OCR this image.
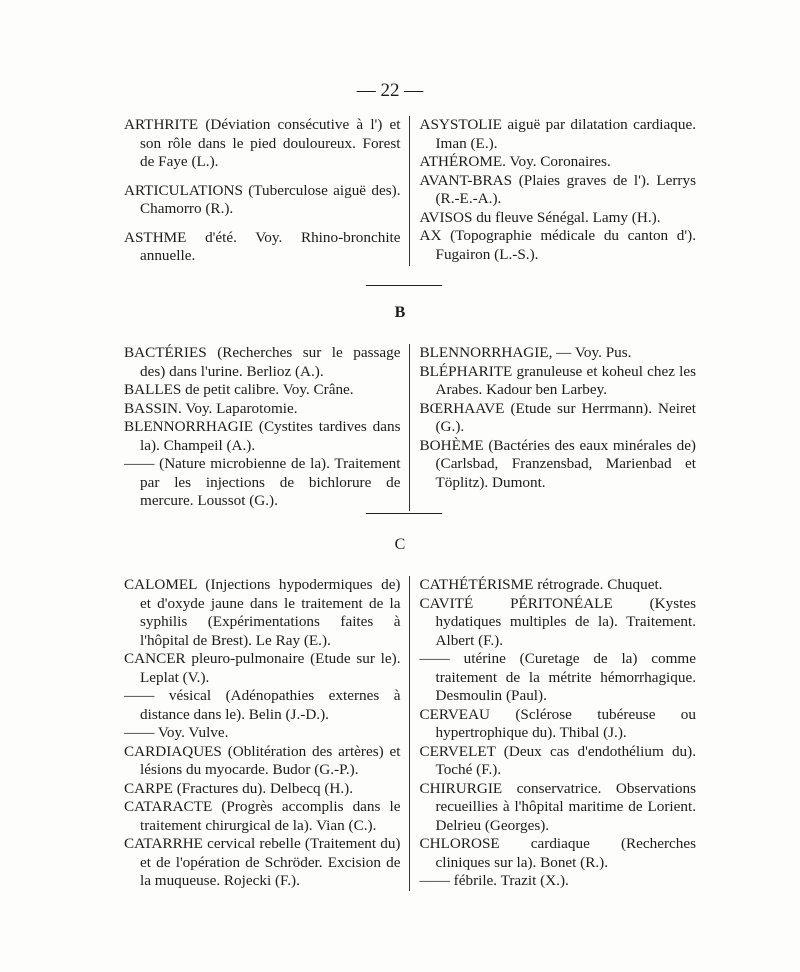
— 22 —

ARTHRITE (Déviation consécutive à l') et son rôle dans le pied douloureux. Forest de Faye (L.).

ARTICULATIONS (Tuberculose aiguë des). Chamorro (R.).

ASTHME d'été. Voy. Rhino-bronchite annuelle.

ASYSTOLIE aiguë par dilatation cardiaque. Iman (E.).

ATHÉROME. Voy. Coronaires.

AVANT-BRAS (Plaies graves de l'). Lerrys (R.-E.-A.).

AVISOS du fleuve Sénégal. Lamy (H.).

AX (Topographie médicale du canton d'). Fugairon (L.-S.).

B

BACTÉRIES (Recherches sur le passage des) dans l'urine. Berlioz (A.).

BALLES de petit calibre. Voy. Crâne.

BASSIN. Voy. Laparotomie.

BLENNORRHAGIE (Cystites tardives dans la). Champeil (A.).

—— (Nature microbienne de la). Traitement par les injections de bichlorure de mercure. Loussot (G.).

BLENNORRHAGIE, — Voy. Pus.

BLÉPHARITE granuleuse et koheul chez les Arabes. Kadour ben Larbey.

BŒRHAAVE (Etude sur Herrmann). Neiret (G.).

BOHÈME (Bactéries des eaux minérales de) (Carlsbad, Franzensbad, Marienbad et Töplitz). Dumont.

C

CALOMEL (Injections hypodermiques de) et d'oxyde jaune dans le traitement de la syphilis (Expérimentations faites à l'hôpital de Brest). Le Ray (E.).

CANCER pleuro-pulmonaire (Etude sur le). Leplat (V.).

—— vésical (Adénopathies externes à distance dans le). Belin (J.-D.).

—— Voy. Vulve.

CARDIAQUES (Oblitération des artères) et lésions du myocarde. Budor (G.-P.).

CARPE (Fractures du). Delbecq (H.).

CATARACTE (Progrès accomplis dans le traitement chirurgical de la). Vian (C.).

CATARRHE cervical rebelle (Traitement du) et de l'opération de Schröder. Excision de la muqueuse. Rojecki (F.).

CATHÉTÉRISME rétrograde. Chuquet.

CAVITÉ PÉRITONÉALE (Kystes hydatiques multiples de la). Traitement. Albert (F.).

—— utérine (Curetage de la) comme traitement de la métrite hémorrhagique. Desmoulin (Paul).

CERVEAU (Sclérose tubéreuse ou hypertrophique du). Thibal (J.).

CERVELET (Deux cas d'endothélium du). Toché (F.).

CHIRURGIE conservatrice. Observations recueillies à l'hôpital maritime de Lorient. Delrieu (Georges).

CHLOROSE cardiaque (Recherches cliniques sur la). Bonet (R.).

—— fébrile. Trazit (X.).
